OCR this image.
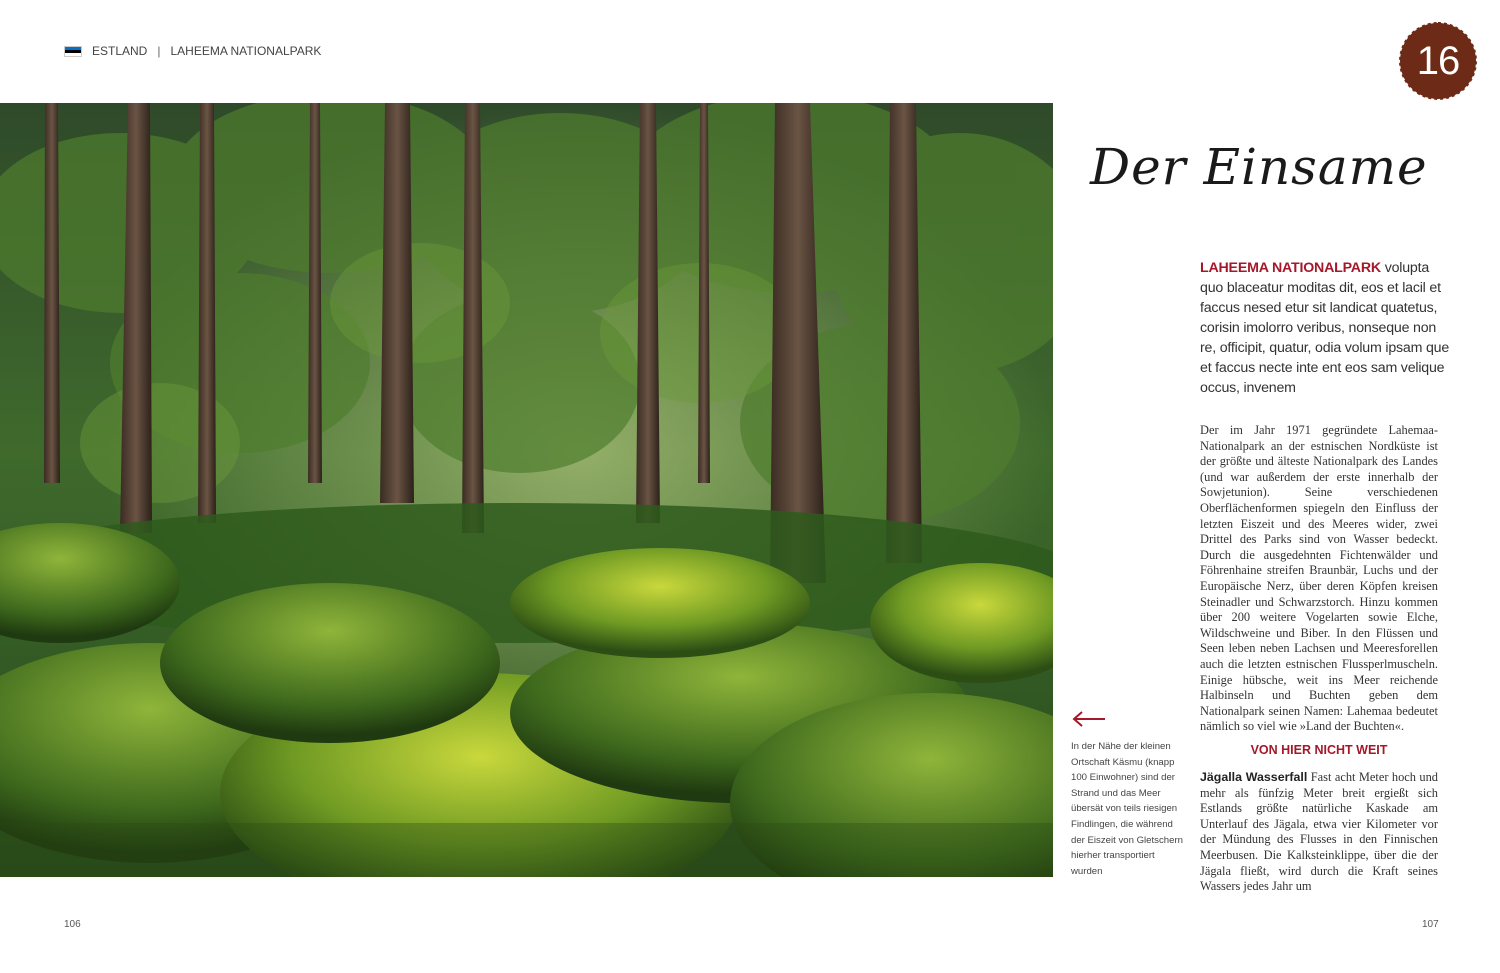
ESTLAND | LAHEEMA NATIONALPARK	16
Der Einsame
LAHEEMA NATIONALPARK volupta quo blaceatur moditas dit, eos et lacil et faccus nesed etur sit landicat quatetus, corisin imolorro veribus, nonseque non re, officipit, quatur, odia volum ipsam que et faccus necte inte ent eos sam velique occus, invenem

Der im Jahr 1971 gegründete Lahemaa-Nationalpark an der estnischen Nordküste ist der größte und älteste Nationalpark des Landes (und war außerdem der erste innerhalb der Sowjetunion). Seine verschiedenen Oberflächenformen spiegeln den Einfluss der letzten Eiszeit und des Meeres wider, zwei Drittel des Parks sind von Wasser bedeckt. Durch die ausgedehnten Fichtenwälder und Föhrenhaine streifen Braunbär, Luchs und der Europäische Nerz, über deren Köpfen kreisen Steinadler und Schwarzstorch. Hinzu kommen über 200 weitere Vogelarten sowie Elche, Wildschweine und Biber. In den Flüssen und Seen leben neben Lachsen und Meeresforellen auch die letzten estnischen Flussperlmuscheln. Einige hübsche, weit ins Meer reichende Halbinseln und Buchten geben dem Nationalpark seinen Namen: Lahemaa bedeutet nämlich so viel wie »Land der Buchten«.

VON HIER NICHT WEIT

Jägalla Wasserfall Fast acht Meter hoch und mehr als fünfzig Meter breit ergießt sich Estlands größte natürliche Kaskade am Unterlauf des Jägala, etwa vier Kilometer vor der Mündung des Flusses in den Finnischen Meerbusen. Die Kalksteinklippe, über die der Jägala fließt, wird durch die Kraft seines Wassers jedes Jahr um

In der Nähe der kleinen Ortschaft Käsmu (knapp 100 Einwohner) sind der Strand und das Meer übersät von teils riesigen Findlingen, die während der Eiszeit von Gletschern hierher transportiert wurden
106	107
